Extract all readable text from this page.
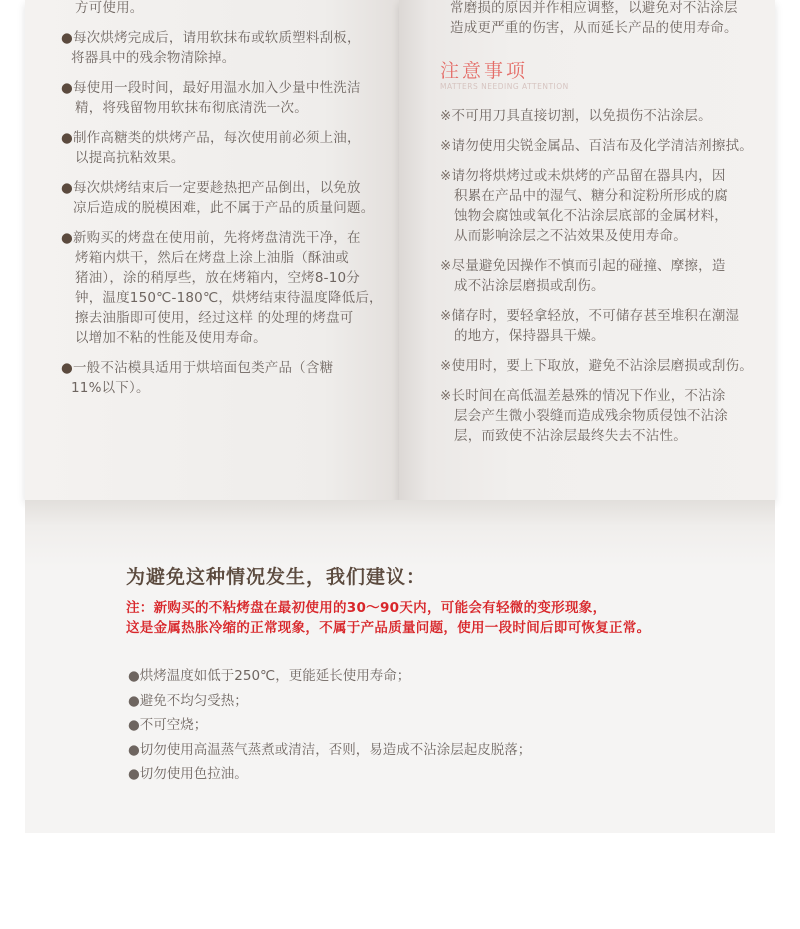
方可使用。
●每次烘烤完成后，请用软抹布或软质塑料刮板，
将器具中的残余物清除掉。
●每使用一段时间，最好用温水加入少量中性洗洁
精，将残留物用软抹布彻底清洗一次。
●制作高糖类的烘烤产品，每次使用前必须上油，
以提高抗粘效果。
●每次烘烤结束后一定要趁热把产品倒出，以免放
凉后造成的脱模困难，此不属于产品的质量问题。
●新购买的烤盘在使用前，先将烤盘清洗干净，在
烤箱内烘干，然后在烤盘上涂上油脂（酥油或
猪油），涂的稍厚些，放在烤箱内，空烤8-10分
钟，温度150℃-180℃，烘烤结束待温度降低后，
擦去油脂即可使用，经过这样 的处理的烤盘可
以增加不粘的性能及使用寿命。
●一般不沾模具适用于烘培面包类产品（含糖
11%以下）。
常磨损的原因并作相应调整，以避免对不沾涂层
造成更严重的伤害，从而延长产品的使用寿命。
注意事项
MATTERS NEEDING ATTENTION
※不可用刀具直接切割，以免损伤不沾涂层。
※请勿使用尖锐金属品、百洁布及化学清洁剂擦拭。
※请勿将烘烤过或未烘烤的产品留在器具内，因
积累在产品中的湿气、糖分和淀粉所形成的腐
蚀物会腐蚀或氧化不沾涂层底部的金属材料，
从而影响涂层之不沾效果及使用寿命。
※尽量避免因操作不慎而引起的碰撞、摩擦，造
成不沾涂层磨损或刮伤。
※储存时，要轻拿轻放，不可储存甚至堆积在潮湿
的地方，保持器具干燥。
※使用时，要上下取放，避免不沾涂层磨损或刮伤。
※长时间在高低温差悬殊的情况下作业，不沾涂
层会产生微小裂缝而造成残余物质侵蚀不沾涂
层，而致使不沾涂层最终失去不沾性。
为避免这种情况发生，我们建议：
注：新购买的不粘烤盘在最初使用的30～90天内，可能会有轻微的变形现象，
这是金属热胀冷缩的正常现象，不属于产品质量问题，使用一段时间后即可恢复正常。
●烘烤温度如低于250℃，更能延长使用寿命；
●避免不均匀受热；
●不可空烧；
●切勿使用高温蒸气蒸煮或清洁，否则，易造成不沾涂层起皮脱落；
●切勿使用色拉油。
